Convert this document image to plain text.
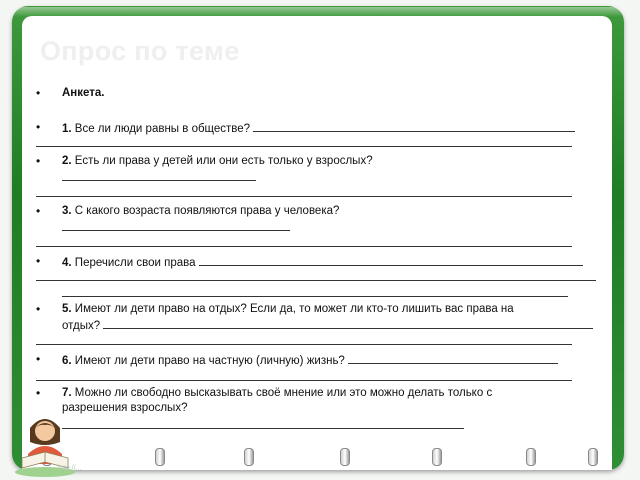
Опрос по теме
•	Анкета.
•	1. Все ли люди равны в обществе?
•	2. Есть ли права у детей или они есть только у взрослых?
•	3. С какого возраста появляются права у человека?
•	4. Перечисли свои права
•	5. Имеют ли дети право на отдых? Если да, то может ли кто-то лишить вас права на
отдых?
•	6. Имеют ли дети право на частную (личную) жизнь?
•	7. Можно ли свободно высказывать своё мнение или это можно делать только с
разрешения взрослых?
http://...
